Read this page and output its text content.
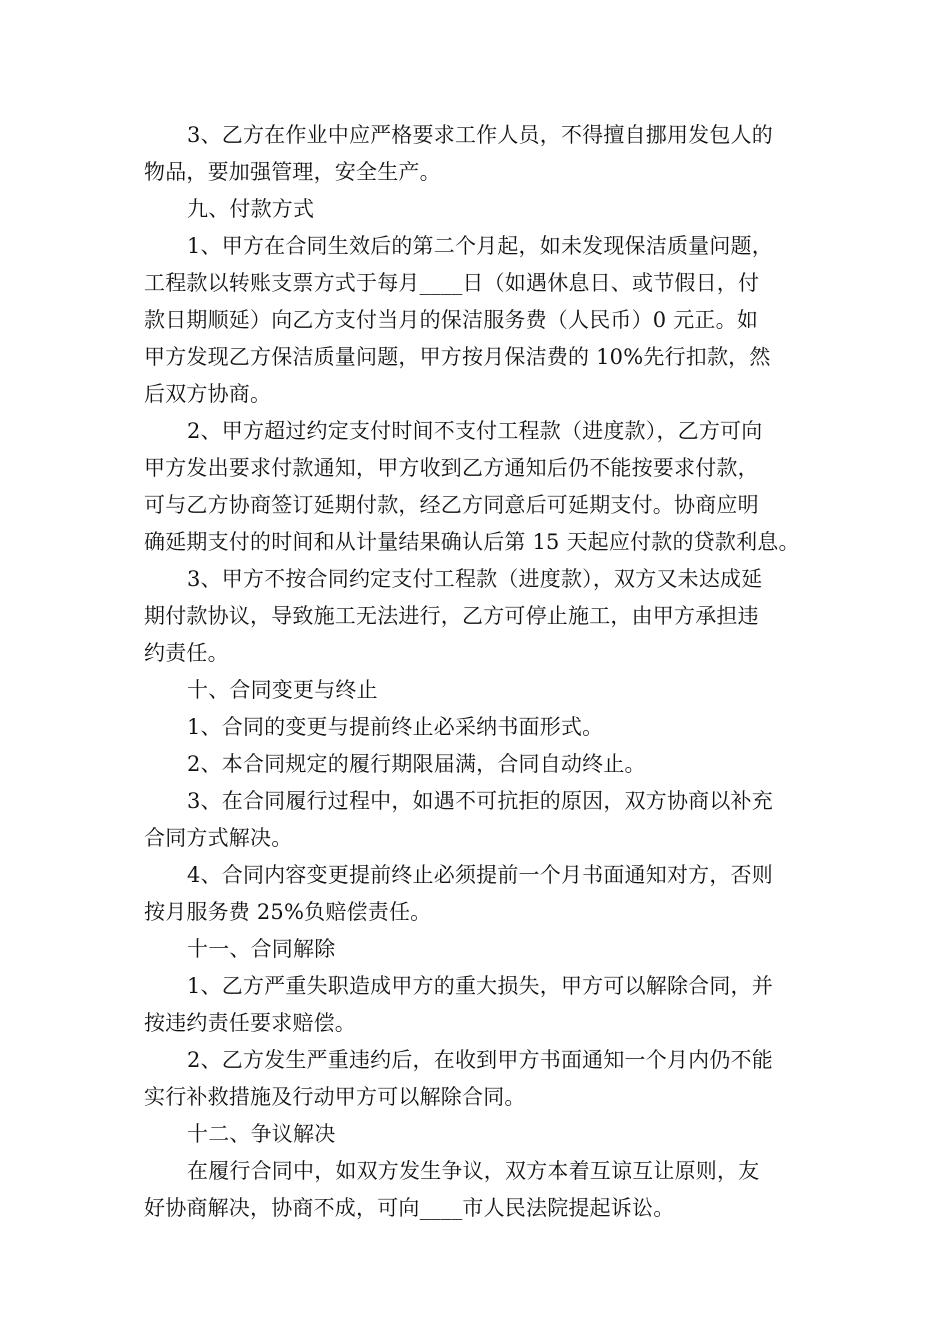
3、乙方在作业中应严格要求工作人员，不得擅自挪用发包人的
物品，要加强管理，安全生产。
九、付款方式
1、甲方在合同生效后的第二个月起，如未发现保洁质量问题，
工程款以转账支票方式于每月____日（如遇休息日、或节假日，付
款日期顺延）向乙方支付当月的保洁服务费（人民币）0 元正。如
甲方发现乙方保洁质量问题，甲方按月保洁费的 10%先行扣款，然
后双方协商。
2、甲方超过约定支付时间不支付工程款（进度款），乙方可向
甲方发出要求付款通知，甲方收到乙方通知后仍不能按要求付款，
可与乙方协商签订延期付款，经乙方同意后可延期支付。协商应明
确延期支付的时间和从计量结果确认后第 15 天起应付款的贷款利息。
3、甲方不按合同约定支付工程款（进度款），双方又未达成延
期付款协议，导致施工无法进行，乙方可停止施工，由甲方承担违
约责任。
十、合同变更与终止
1、合同的变更与提前终止必采纳书面形式。
2、本合同规定的履行期限届满，合同自动终止。
3、在合同履行过程中，如遇不可抗拒的原因，双方协商以补充
合同方式解决。
4、合同内容变更提前终止必须提前一个月书面通知对方，否则
按月服务费 25%负赔偿责任。
十一、合同解除
1、乙方严重失职造成甲方的重大损失，甲方可以解除合同，并
按违约责任要求赔偿。
2、乙方发生严重违约后，在收到甲方书面通知一个月内仍不能
实行补救措施及行动甲方可以解除合同。
十二、争议解决
在履行合同中，如双方发生争议，双方本着互谅互让原则，友
好协商解决，协商不成，可向____市人民法院提起诉讼。
